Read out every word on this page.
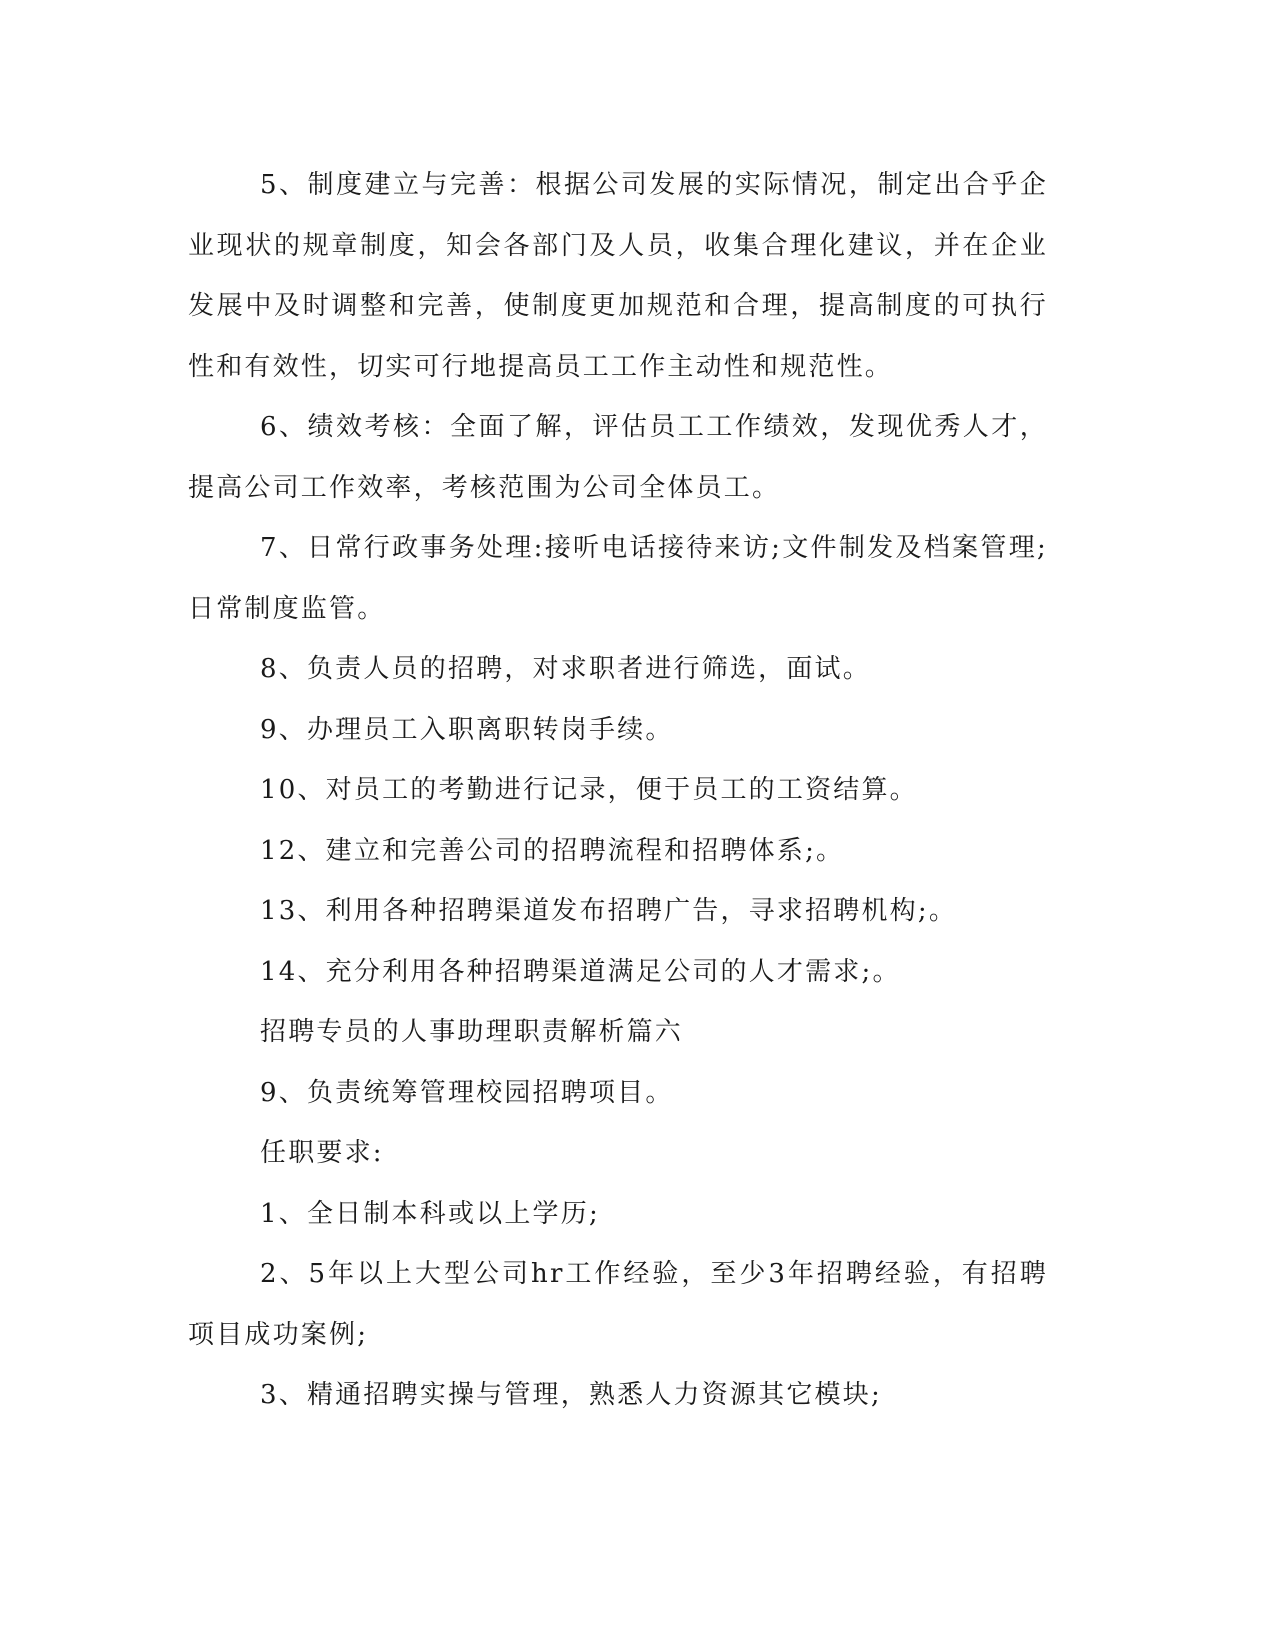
5、制度建立与完善：根据公司发展的实际情况，制定出合乎企业现状的规章制度，知会各部门及人员，收集合理化建议，并在企业发展中及时调整和完善，使制度更加规范和合理，提高制度的可执行性和有效性，切实可行地提高员工工作主动性和规范性。

6、绩效考核：全面了解，评估员工工作绩效，发现优秀人才，提高公司工作效率，考核范围为公司全体员工。

7、日常行政事务处理:接听电话接待来访;文件制发及档案管理;日常制度监管。

8、负责人员的招聘，对求职者进行筛选，面试。

9、办理员工入职离职转岗手续。

10、对员工的考勤进行记录，便于员工的工资结算。

12、建立和完善公司的招聘流程和招聘体系;。

13、利用各种招聘渠道发布招聘广告，寻求招聘机构;。

14、充分利用各种招聘渠道满足公司的人才需求;。

招聘专员的人事助理职责解析篇六

9、负责统筹管理校园招聘项目。

任职要求:

1、全日制本科或以上学历;

2、5年以上大型公司hr工作经验，至少3年招聘经验，有招聘项目成功案例;

3、精通招聘实操与管理，熟悉人力资源其它模块;
